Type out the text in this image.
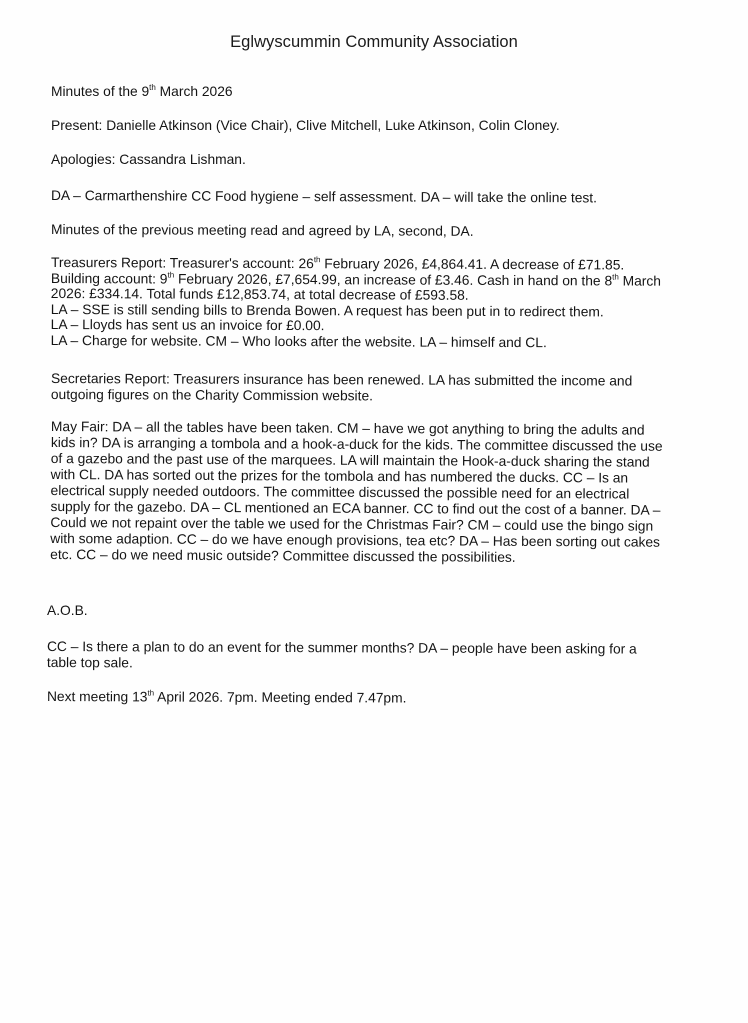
Eglwyscummin Community Association
Minutes of the 9th March 2026
Present: Danielle Atkinson (Vice Chair), Clive Mitchell, Luke Atkinson, Colin Cloney.
Apologies: Cassandra Lishman.
DA – Carmarthenshire CC Food hygiene – self assessment. DA – will take the online test.
Minutes of the previous meeting read and agreed by LA, second, DA.
Treasurers Report: Treasurer's account: 26th February 2026, £4,864.41. A decrease of £71.85.
Building account: 9th February 2026, £7,654.99, an increase of £3.46. Cash in hand on the 8th March
2026: £334.14. Total funds £12,853.74, at total decrease of £593.58.
LA – SSE is still sending bills to Brenda Bowen. A request has been put in to redirect them.
LA – Lloyds has sent us an invoice for £0.00.
LA – Charge for website. CM – Who looks after the website. LA – himself and CL.
Secretaries Report: Treasurers insurance has been renewed. LA has submitted the income and
outgoing figures on the Charity Commission website.
May Fair: DA – all the tables have been taken. CM – have we got anything to bring the adults and
kids in? DA is arranging a tombola and a hook-a-duck for the kids. The committee discussed the use
of a gazebo and the past use of the marquees. LA will maintain the Hook-a-duck sharing the stand
with CL. DA has sorted out the prizes for the tombola and has numbered the ducks. CC – Is an
electrical supply needed outdoors. The committee discussed the possible need for an electrical
supply for the gazebo. DA – CL mentioned an ECA banner. CC to find out the cost of a banner. DA –
Could we not repaint over the table we used for the Christmas Fair? CM – could use the bingo sign
with some adaption. CC – do we have enough provisions, tea etc? DA – Has been sorting out cakes
etc. CC – do we need music outside? Committee discussed the possibilities.
A.O.B.
CC – Is there a plan to do an event for the summer months? DA – people have been asking for a
table top sale.
Next meeting 13th April 2026. 7pm. Meeting ended 7.47pm.
